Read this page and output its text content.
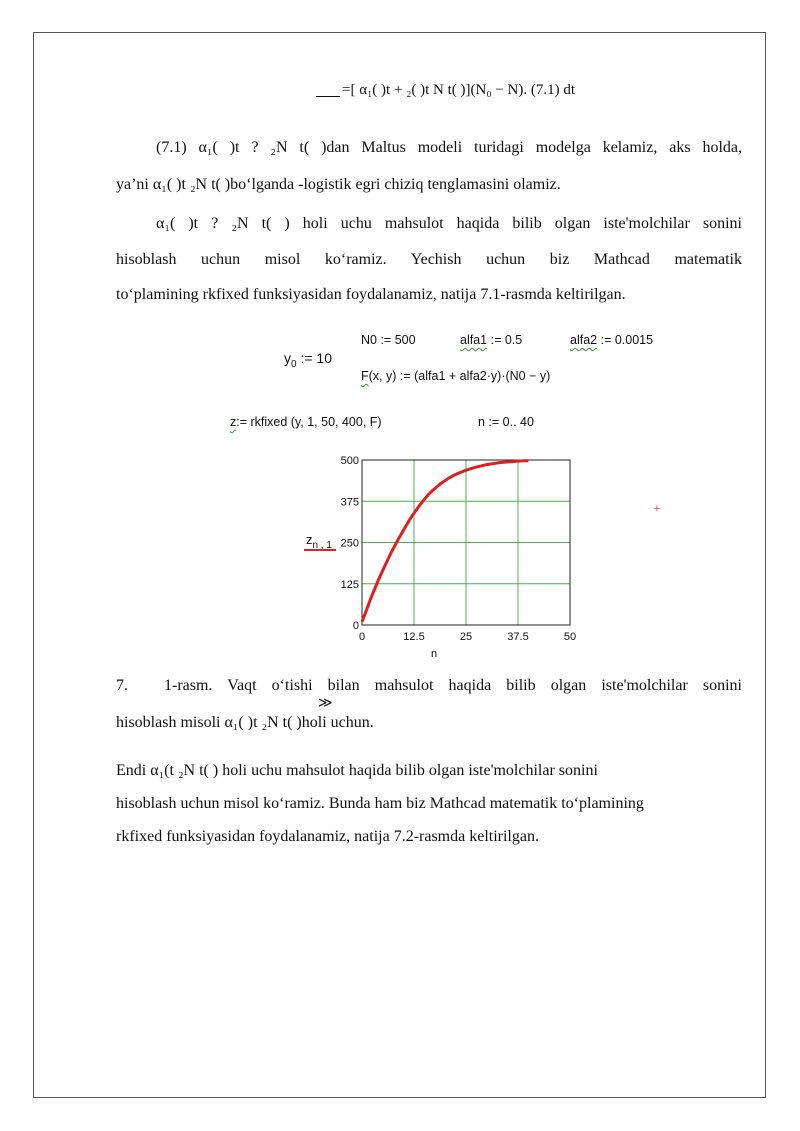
=[ α₁( )t + ₂( )t N t( )](N₀ − N). (7.1) dt
(7.1) α₁( )t ? ₂N t( )dan Maltus modeli turidagi modelga kelamiz, aks holda,
ya’ni α₁( )t ₂N t( )bo‘lganda -logistik egri chiziq tenglamasini olamiz.
α₁( )t ? ₂N t( ) holi uchu mahsulot haqida bilib olgan iste'molchilar sonini
hisoblash uchun misol ko‘ramiz. Yechish uchun biz Mathcad matematik
to‘plamining rkfixed funksiyasidan foydalanamiz, natija 7.1-rasmda keltirilgan.
$y_0$ := 10
N0 := 500	alfa1 := 0.5	alfa2 := 0.0015
F(x, y) := (alfa1 + alfa2·y)·(N0 − y)
z:= rkfixed (y, 1, 50, 400, F)	n := 0.. 40
0	12.5	25	37.5	50
0
125
250
375
500
n
$z_{n , 1}$
+
7. 1-rasm. Vaqt o‘tishi bilan mahsulot haqida bilib olgan iste'molchilar sonini
≫
hisoblash misoli α₁( )t ₂N t( )holi uchun.
Endi α₁(t ₂N t( ) holi uchu mahsulot haqida bilib olgan iste'molchilar sonini
hisoblash uchun misol ko‘ramiz. Bunda ham biz Mathcad matematik to‘plamining
rkfixed funksiyasidan foydalanamiz, natija 7.2-rasmda keltirilgan.
